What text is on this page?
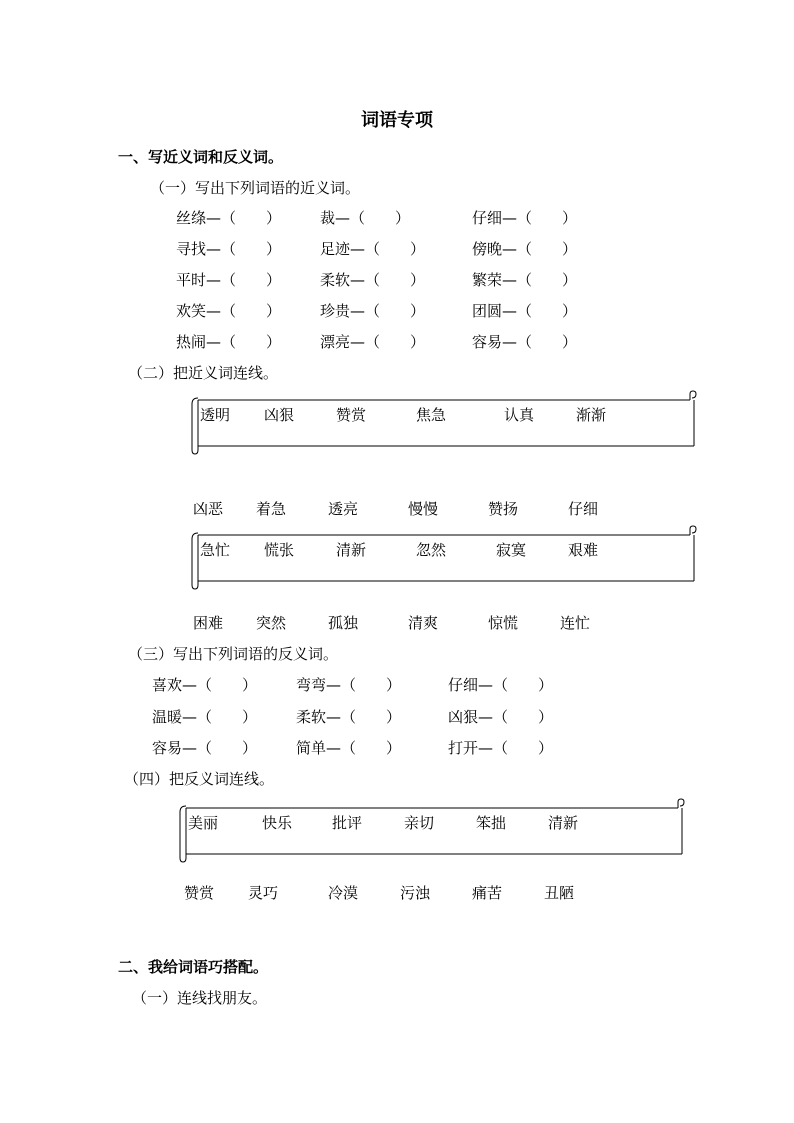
词语专项
一、写近义词和反义词。
（一）写出下列词语的近义词。
丝绦—（　　）	裁—（　　）	仔细—（　　）
寻找—（　　）	足迹—（　　）	傍晚—（　　）
平时—（　　）	柔软—（　　）	繁荣—（　　）
欢笑—（　　）	珍贵—（　　）	团圆—（　　）
热闹—（　　）	漂亮—（　　）	容易—（　　）
（二）把近义词连线。
透明 凶狠	赞赏	焦急	认真	渐渐
凶恶 着急	透亮	慢慢	赞扬	仔细
急忙 慌张	清新	忽然	寂寞	艰难
困难 突然	孤独	清爽	惊慌	连忙
（三）写出下列词语的反义词。
喜欢—（　　）	弯弯—（　　）	仔细—（　　）
温暖—（　　）	柔软—（　　）	凶狠—（　　）
容易—（　　）	简单—（　　）	打开—（　　）
（四）把反义词连线。
美丽	快乐	批评	亲切	笨拙	清新
赞赏 灵巧	冷漠	污浊	痛苦	丑陋
二、我给词语巧搭配。
（一）连线找朋友。
